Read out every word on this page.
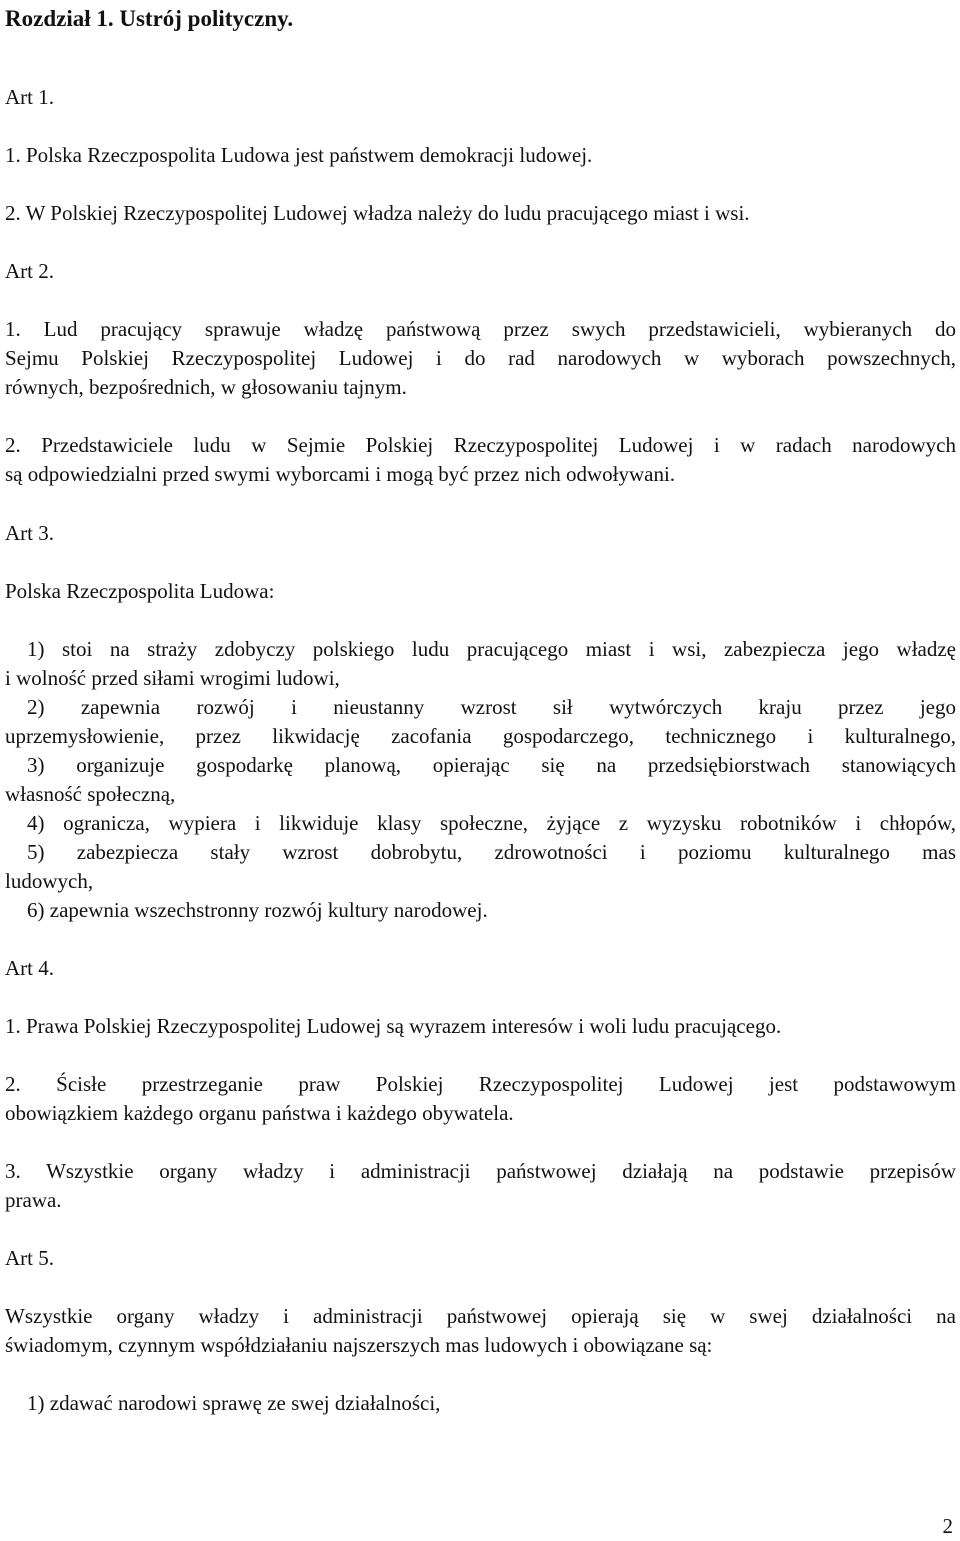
Rozdział 1. Ustrój polityczny.
Art 1.
1. Polska Rzeczpospolita Ludowa jest państwem demokracji ludowej.
2. W Polskiej Rzeczypospolitej Ludowej władza należy do ludu pracującego miast i wsi.
Art 2.
1. Lud pracujący sprawuje władzę państwową przez swych przedstawicieli, wybieranych do
Sejmu Polskiej Rzeczypospolitej Ludowej i do rad narodowych w wyborach powszechnych,
równych, bezpośrednich, w głosowaniu tajnym.
2. Przedstawiciele ludu w Sejmie Polskiej Rzeczypospolitej Ludowej i w radach narodowych
są odpowiedzialni przed swymi wyborcami i mogą być przez nich odwoływani.
Art 3.
Polska Rzeczpospolita Ludowa:
1) stoi na straży zdobyczy polskiego ludu pracującego miast i wsi, zabezpiecza jego władzę
i wolność przed siłami wrogimi ludowi,
2) zapewnia rozwój i nieustanny wzrost sił wytwórczych kraju przez jego
uprzemysłowienie, przez likwidację zacofania gospodarczego, technicznego i kulturalnego,
3) organizuje gospodarkę planową, opierając się na przedsiębiorstwach stanowiących
własność społeczną,
4) ogranicza, wypiera i likwiduje klasy społeczne, żyjące z wyzysku robotników i chłopów,
5) zabezpiecza stały wzrost dobrobytu, zdrowotności i poziomu kulturalnego mas
ludowych,
6) zapewnia wszechstronny rozwój kultury narodowej.
Art 4.
1. Prawa Polskiej Rzeczypospolitej Ludowej są wyrazem interesów i woli ludu pracującego.
2. Ścisłe przestrzeganie praw Polskiej Rzeczypospolitej Ludowej jest podstawowym
obowiązkiem każdego organu państwa i każdego obywatela.
3. Wszystkie organy władzy i administracji państwowej działają na podstawie przepisów
prawa.
Art 5.
Wszystkie organy władzy i administracji państwowej opierają się w swej działalności na
świadomym, czynnym współdziałaniu najszerszych mas ludowych i obowiązane są:
1) zdawać narodowi sprawę ze swej działalności,
2
